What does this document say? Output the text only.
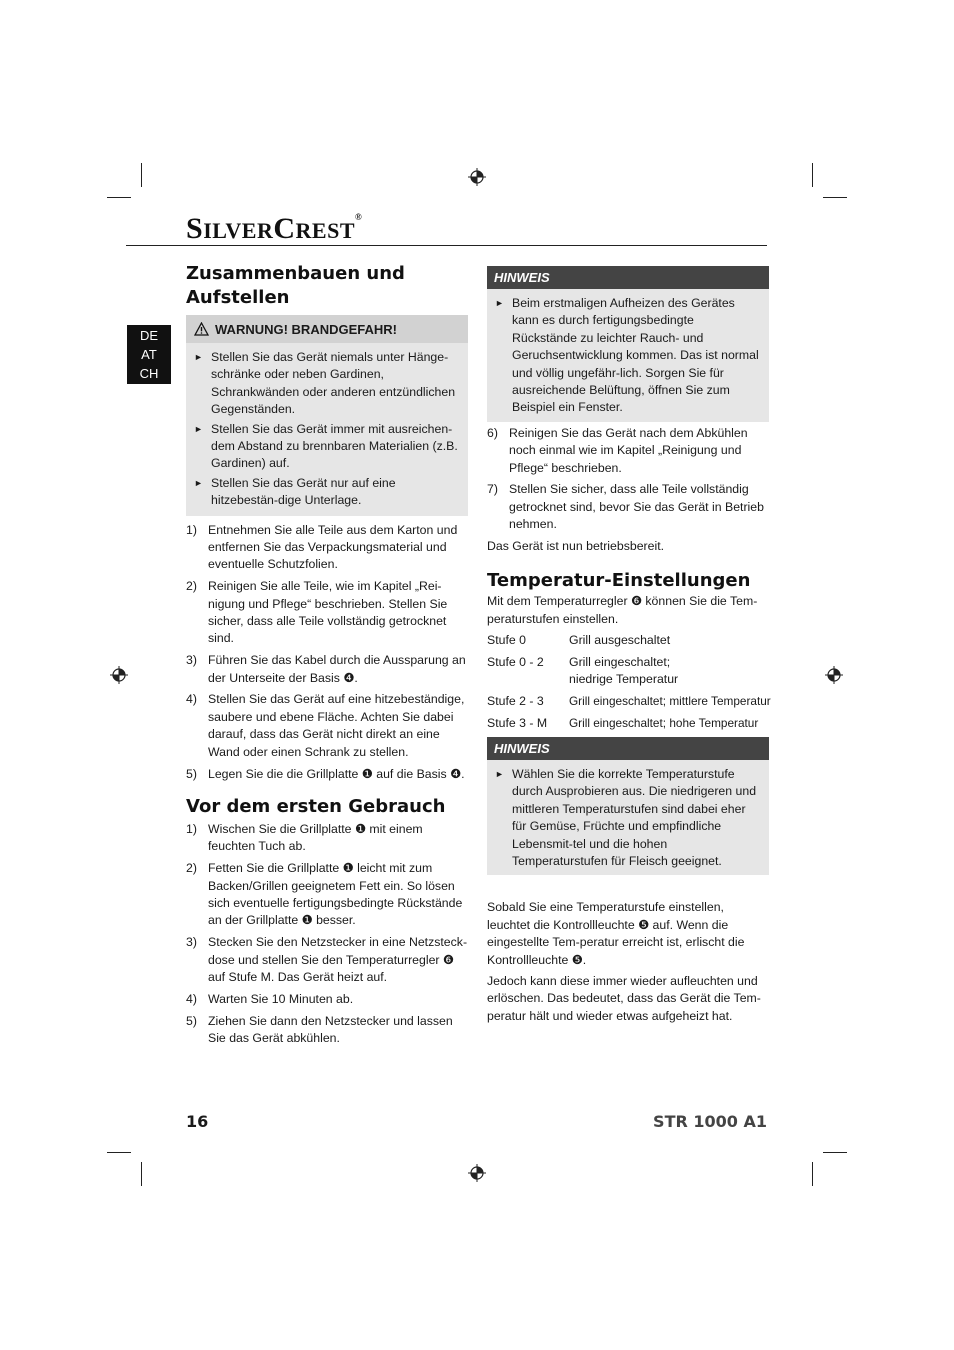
SILVERCREST®
DE
AT
CH
Zusammenbauen und Aufstellen
WARNUNG! BRANDGEFAHR!
► Stellen Sie das Gerät niemals unter Hänge-schränke oder neben Gardinen, Schrankwänden oder anderen entzündlichen Gegenständen.
► Stellen Sie das Gerät immer mit ausreichen-dem Abstand zu brennbaren Materialien (z.B. Gardinen) auf.
► Stellen Sie das Gerät nur auf eine hitzebestän-dige Unterlage.
1) Entnehmen Sie alle Teile aus dem Karton und entfernen Sie das Verpackungsmaterial und eventuelle Schutzfolien.
2) Reinigen Sie alle Teile, wie im Kapitel „Rei-nigung und Pflege“ beschrieben. Stellen Sie sicher, dass alle Teile vollständig getrocknet sind.
3) Führen Sie das Kabel durch die Aussparung an der Unterseite der Basis ❹.
4) Stellen Sie das Gerät auf eine hitzebeständige, saubere und ebene Fläche. Achten Sie dabei darauf, dass das Gerät nicht direkt an eine Wand oder einen Schrank zu stellen.
5) Legen Sie die die Grillplatte ❶ auf die Basis ❹.
Vor dem ersten Gebrauch
1) Wischen Sie die Grillplatte ❶ mit einem feuchten Tuch ab.
2) Fetten Sie die Grillplatte ❶ leicht mit zum Backen/Grillen geeignetem Fett ein. So lösen sich eventuelle fertigungsbedingte Rückstände an der Grillplatte ❶ besser.
3) Stecken Sie den Netzstecker in eine Netzsteck-dose und stellen Sie den Temperaturregler ❻ auf Stufe M. Das Gerät heizt auf.
4) Warten Sie 10 Minuten ab.
5) Ziehen Sie dann den Netzstecker und lassen Sie das Gerät abkühlen.
HINWEIS
► Beim erstmaligen Aufheizen des Gerätes kann es durch fertigungsbedingte Rückstände zu leichter Rauch- und Geruchsentwicklung kommen. Das ist normal und völlig ungefähr-lich. Sorgen Sie für ausreichende Belüftung, öffnen Sie zum Beispiel ein Fenster.
6) Reinigen Sie das Gerät nach dem Abkühlen noch einmal wie im Kapitel „Reinigung und Pflege“ beschrieben.
7) Stellen Sie sicher, dass alle Teile vollständig getrocknet sind, bevor Sie das Gerät in Betrieb nehmen.

Das Gerät ist nun betriebsbereit.

Temperatur-Einstellungen

Mit dem Temperaturregler ❻ können Sie die Tem-peraturstufen einstellen.

Stufe 0	Grill ausgeschaltet
Stufe 0 - 2	Grill eingeschaltet; niedrige Temperatur
Stufe 2 - 3	Grill eingeschaltet; mittlere Temperatur
Stufe 3 - M	Grill eingeschaltet; hohe Temperatur
HINWEIS
► Wählen Sie die korrekte Temperaturstufe durch Ausprobieren aus. Die niedrigeren und mittleren Temperaturstufen sind dabei eher für Gemüse, Früchte und empfindliche Lebensmit-tel und die hohen Temperaturstufen für Fleisch geeignet.

Sobald Sie eine Temperaturstufe einstellen, leuchtet die Kontrollleuchte ❺ auf. Wenn die eingestellte Tem-peratur erreicht ist, erlischt die Kontrollleuchte ❺.

Jedoch kann diese immer wieder aufleuchten und erlöschen. Das bedeutet, dass das Gerät die Tem-peratur hält und wieder etwas aufgeheizt hat.

16	STR 1000 A1
